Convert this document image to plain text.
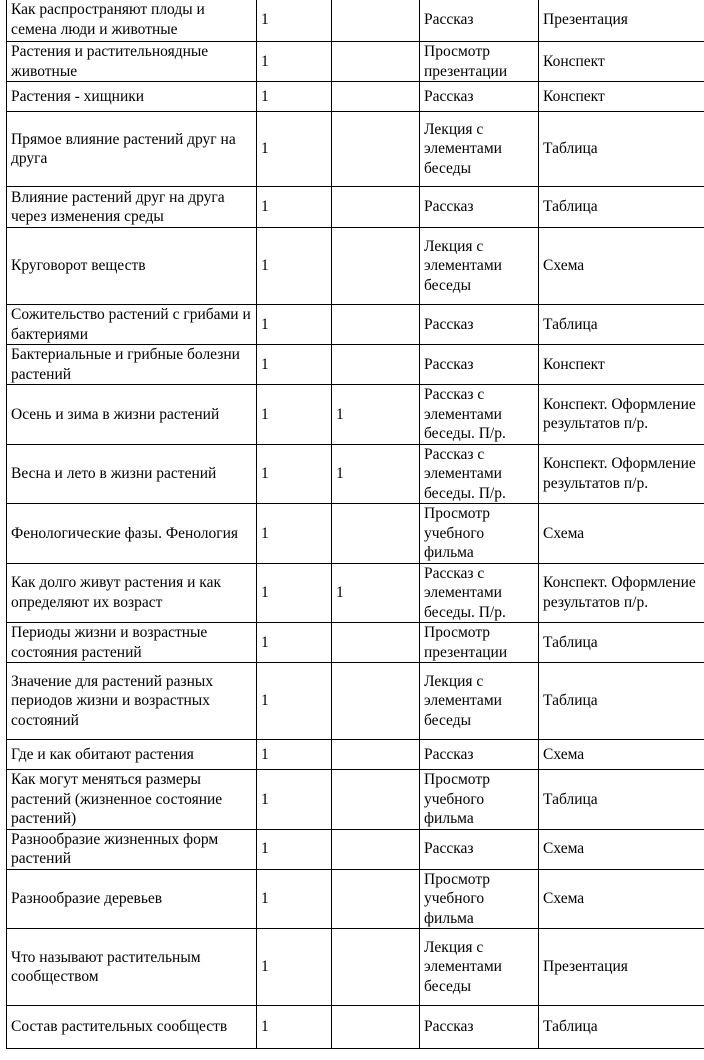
Как распространяют плоды и семена люди и животные	1		Рассказ	Презентация
Растения и растительноядные животные	1		Просмотр презентации	Конспект
Растения - хищники	1		Рассказ	Конспект
Прямое влияние растений друг на друга	1		Лекция с элементами беседы	Таблица
Влияние растений друг на друга через изменения среды	1		Рассказ	Таблица
Круговорот веществ	1		Лекция с элементами беседы	Схема
Сожительство растений с грибами и бактериями	1		Рассказ	Таблица
Бактериальные и грибные болезни растений	1		Рассказ	Конспект
Осень и зима в жизни растений	1	1	Рассказ с элементами беседы. П/р.	Конспект. Оформление результатов п/р.
Весна и лето в жизни растений	1	1	Рассказ с элементами беседы. П/р.	Конспект. Оформление результатов п/р.
Фенологические фазы. Фенология	1		Просмотр учебного фильма	Схема
Как долго живут растения и как определяют их возраст	1	1	Рассказ с элементами беседы. П/р.	Конспект. Оформление результатов п/р.
Периоды жизни и возрастные состояния растений	1		Просмотр презентации	Таблица
Значение для растений разных периодов жизни и возрастных состояний	1		Лекция с элементами беседы	Таблица
Где и как обитают растения	1		Рассказ	Схема
Как могут меняться размеры растений (жизненное состояние растений)	1		Просмотр учебного фильма	Таблица
Разнообразие жизненных форм растений	1		Рассказ	Схема
Разнообразие деревьев	1		Просмотр учебного фильма	Схема
Что называют растительным сообществом	1		Лекция с элементами беседы	Презентация
Состав растительных сообществ	1		Рассказ	Таблица
